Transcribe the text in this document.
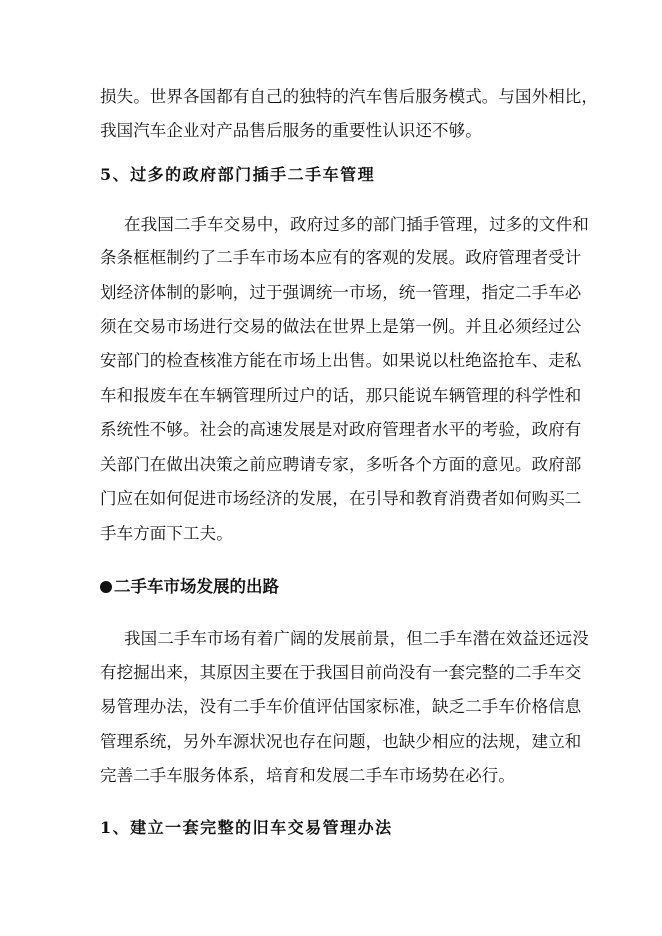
损失。世界各国都有自己的独特的汽车售后服务模式。与国外相比，
我国汽车企业对产品售后服务的重要性认识还不够。
5、过多的政府部门插手二手车管理
在我国二手车交易中，政府过多的部门插手管理，过多的文件和
条条框框制约了二手车市场本应有的客观的发展。政府管理者受计
划经济体制的影响，过于强调统一市场，统一管理，指定二手车必
须在交易市场进行交易的做法在世界上是第一例。并且必须经过公
安部门的检查核准方能在市场上出售。如果说以杜绝盗抢车、走私
车和报废车在车辆管理所过户的话，那只能说车辆管理的科学性和
系统性不够。社会的高速发展是对政府管理者水平的考验，政府有
关部门在做出决策之前应聘请专家，多听各个方面的意见。政府部
门应在如何促进市场经济的发展，在引导和教育消费者如何购买二
手车方面下工夫。
二手车市场发展的出路
我国二手车市场有着广阔的发展前景，但二手车潜在效益还远没
有挖掘出来，其原因主要在于我国目前尚没有一套完整的二手车交
易管理办法，没有二手车价值评估国家标准，缺乏二手车价格信息
管理系统，另外车源状况也存在问题，也缺少相应的法规，建立和
完善二手车服务体系，培育和发展二手车市场势在必行。
1、建立一套完整的旧车交易管理办法
